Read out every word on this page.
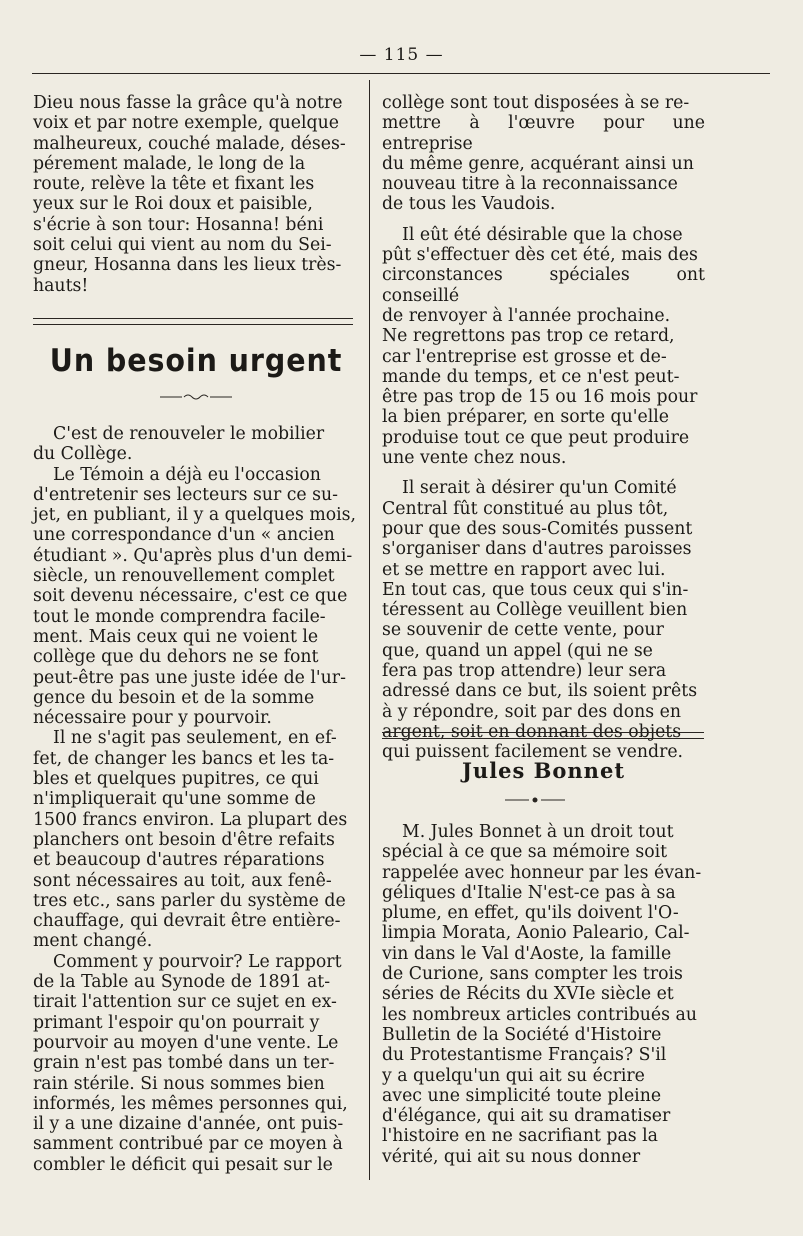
— 115 —

Dieu nous fasse la grâce qu'à notre

voix et par notre exemple, quelque

malheureux, couché malade, déses-

pérement malade, le long de la

route, relève la tête et fixant les

yeux sur le Roi doux et paisible,

s'écrie à son tour: Hosanna! béni

soit celui qui vient au nom du Sei-

gneur, Hosanna dans les lieux très-

hauts!

Un besoin urgent

C'est de renouveler le mobilier

du Collège.

Le Témoin a déjà eu l'occasion

d'entretenir ses lecteurs sur ce su-

jet, en publiant, il y a quelques mois,

une correspondance d'un « ancien

étudiant ». Qu'après plus d'un demi-

siècle, un renouvellement complet

soit devenu nécessaire, c'est ce que

tout le monde comprendra facile-

ment. Mais ceux qui ne voient le

collège que du dehors ne se font

peut-être pas une juste idée de l'ur-

gence du besoin et de la somme

nécessaire pour y pourvoir.

Il ne s'agit pas seulement, en ef-

fet, de changer les bancs et les ta-

bles et quelques pupitres, ce qui

n'impliquerait qu'une somme de

1500 francs environ. La plupart des

planchers ont besoin d'être refaits

et beaucoup d'autres réparations

sont nécessaires au toit, aux fenê-

tres etc., sans parler du système de

chauffage, qui devrait être entière-

ment changé.

Comment y pourvoir? Le rapport

de la Table au Synode de 1891 at-

tirait l'attention sur ce sujet en ex-

primant l'espoir qu'on pourrait y

pourvoir au moyen d'une vente. Le

grain n'est pas tombé dans un ter-

rain stérile. Si nous sommes bien

informés, les mêmes personnes qui,

il y a une dizaine d'année, ont puis-

samment contribué par ce moyen à

combler le déficit qui pesait sur le

collège sont tout disposées à se re-

mettre à l'œuvre pour une entreprise

du même genre, acquérant ainsi un

nouveau titre à la reconnaissance

de tous les Vaudois.

Il eût été désirable que la chose

pût s'effectuer dès cet été, mais des

circonstances spéciales ont conseillé

de renvoyer à l'année prochaine.

Ne regrettons pas trop ce retard,

car l'entreprise est grosse et de-

mande du temps, et ce n'est peut-

être pas trop de 15 ou 16 mois pour

la bien préparer, en sorte qu'elle

produise tout ce que peut produire

une vente chez nous.

Il serait à désirer qu'un Comité

Central fût constitué au plus tôt,

pour que des sous-Comités pussent

s'organiser dans d'autres paroisses

et se mettre en rapport avec lui.

En tout cas, que tous ceux qui s'in-

téressent au Collège veuillent bien

se souvenir de cette vente, pour

que, quand un appel (qui ne se

fera pas trop attendre) leur sera

adressé dans ce but, ils soient prêts

à y répondre, soit par des dons en

argent, soit en donnant des objets

qui puissent facilement se vendre.

Jules Bonnet

M. Jules Bonnet à un droit tout

spécial à ce que sa mémoire soit

rappelée avec honneur par les évan-

géliques d'Italie N'est-ce pas à sa

plume, en effet, qu'ils doivent l'O-

limpia Morata, Aonio Paleario, Cal-

vin dans le Val d'Aoste, la famille

de Curione, sans compter les trois

séries de Récits du XVIe siècle et

les nombreux articles contribués au

Bulletin de la Société d'Histoire

du Protestantisme Français? S'il

y a quelqu'un qui ait su écrire

avec une simplicité toute pleine

d'élégance, qui ait su dramatiser

l'histoire en ne sacrifiant pas la

vérité, qui ait su nous donner
